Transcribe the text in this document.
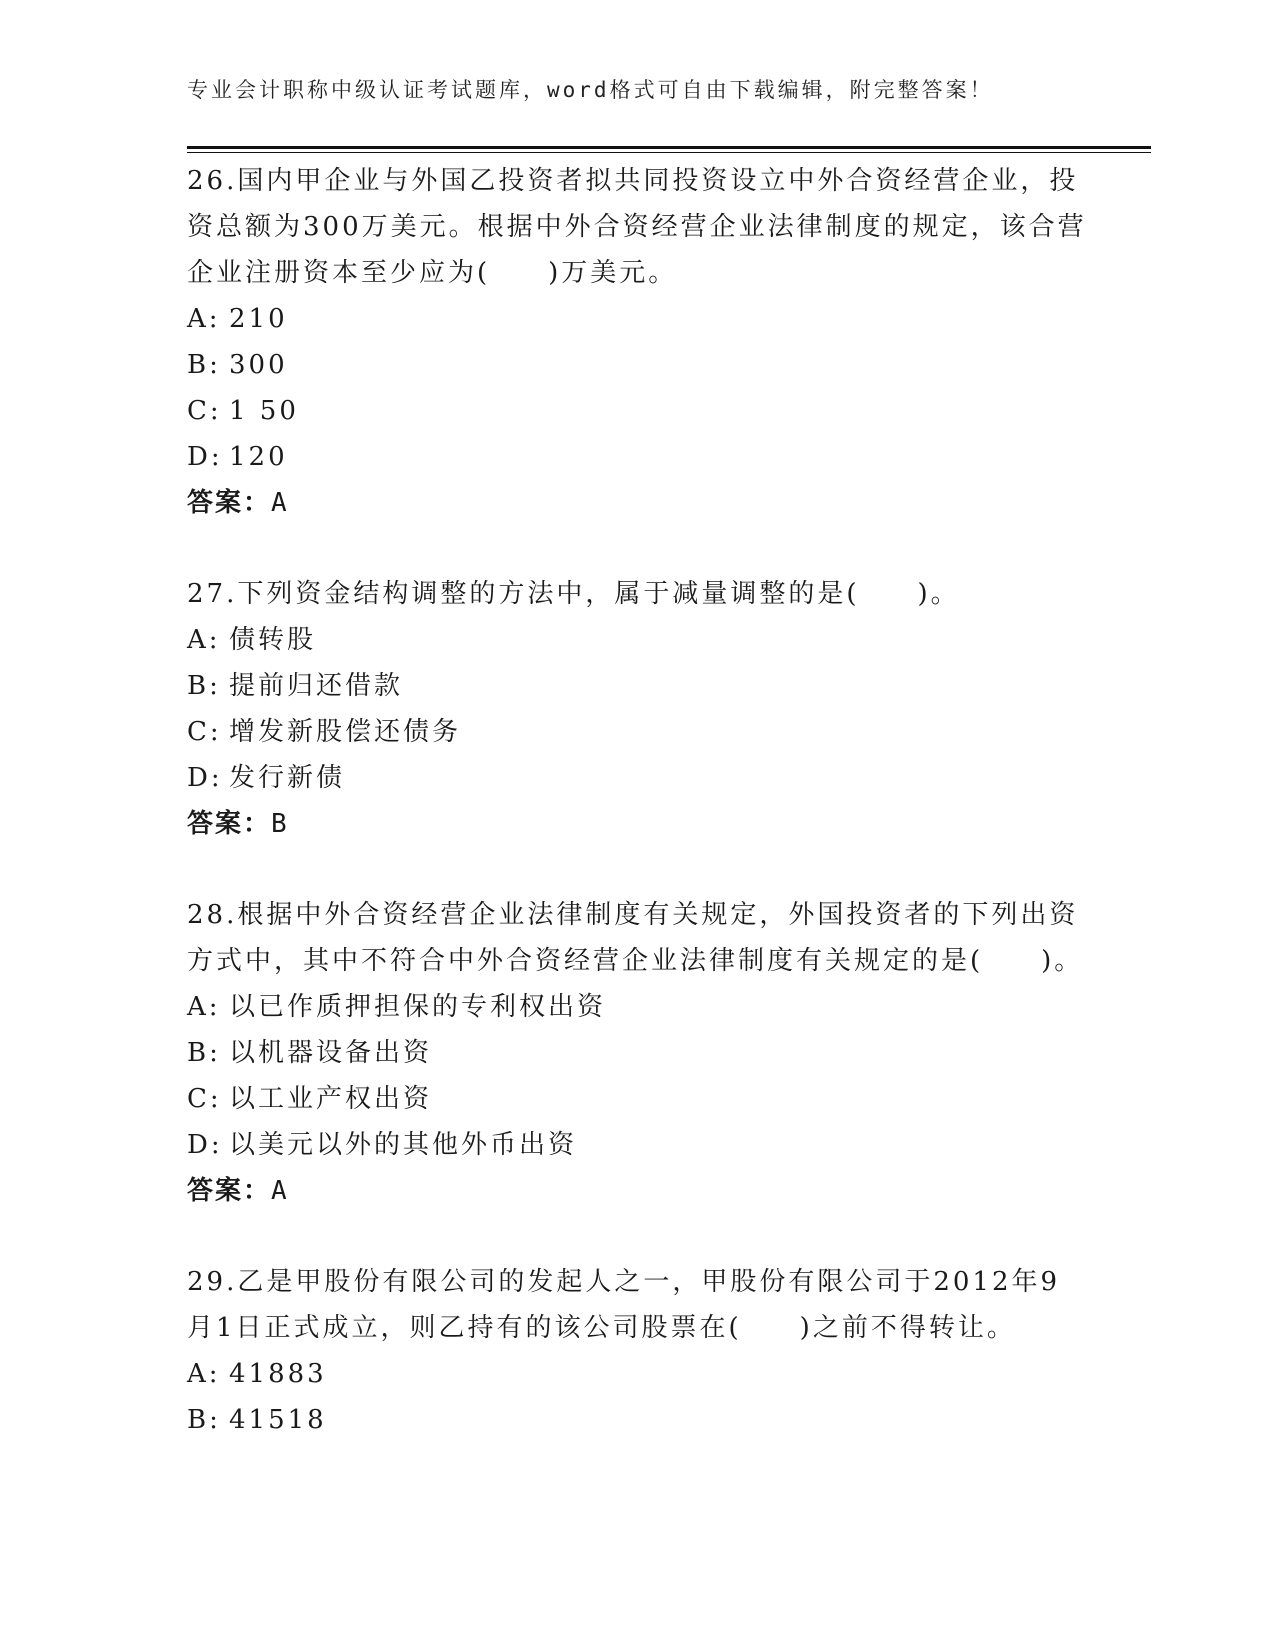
专业会计职称中级认证考试题库，word格式可自由下载编辑，附完整答案！

26.国内甲企业与外国乙投资者拟共同投资设立中外合资经营企业，投资总额为300万美元。根据中外合资经营企业法律制度的规定，该合营企业注册资本至少应为(　　)万美元。

A: 210
B: 300
C: 1 50
D: 120
答案：A

27.下列资金结构调整的方法中，属于减量调整的是(　　)。

A: 债转股
B: 提前归还借款
C: 增发新股偿还债务
D: 发行新债
答案：B

28.根据中外合资经营企业法律制度有关规定，外国投资者的下列出资方式中，其中不符合中外合资经营企业法律制度有关规定的是(　　)。

A: 以已作质押担保的专利权出资
B: 以机器设备出资
C: 以工业产权出资
D: 以美元以外的其他外币出资
答案：A

29.乙是甲股份有限公司的发起人之一，甲股份有限公司于2012年9月1日正式成立，则乙持有的该公司股票在(　　)之前不得转让。

A: 41883
B: 41518
